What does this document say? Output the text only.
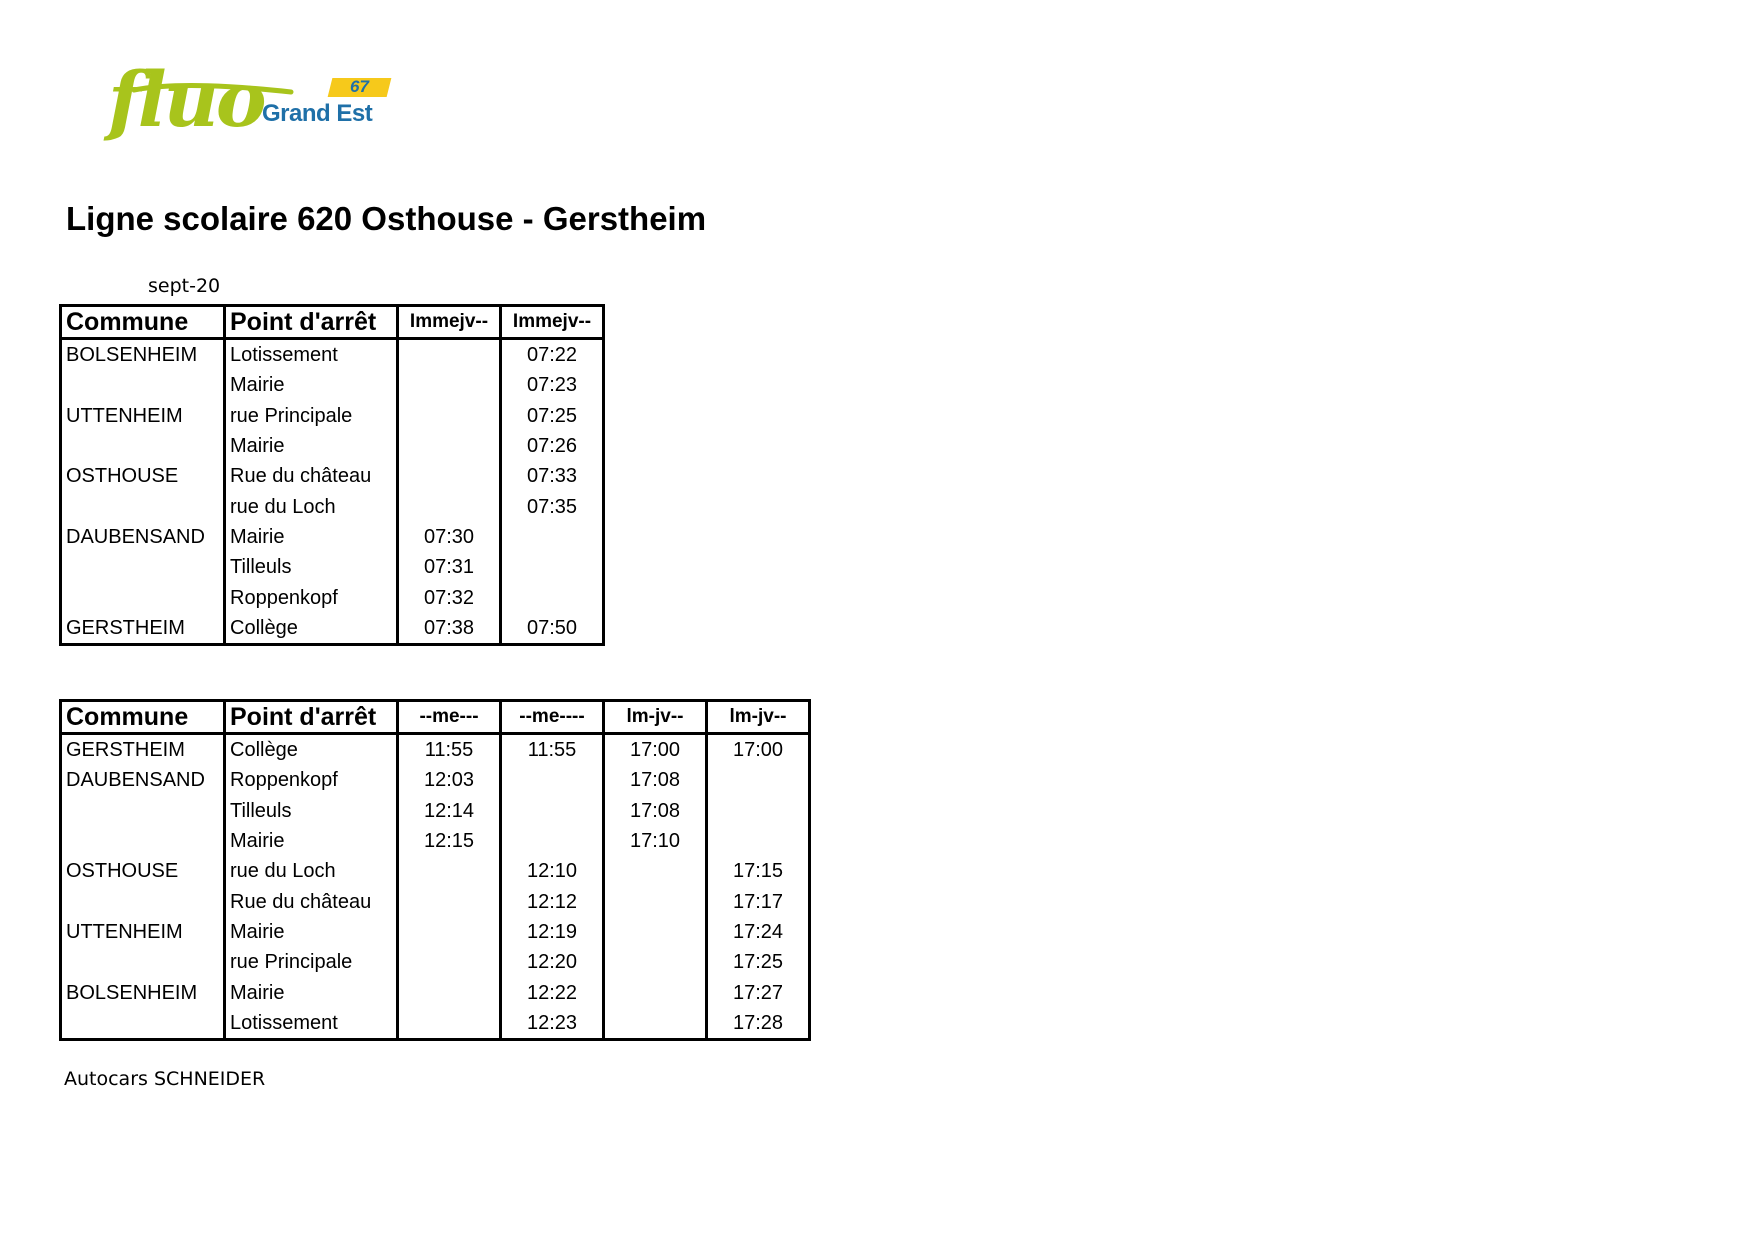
fluo
Grand Est
67
Ligne scolaire 620 Osthouse - Gerstheim
sept-20
Commune	Point d'arrêt	Immejv--	Immejv--
BOLSENHEIM	Lotissement		07:22
	Mairie		07:23
UTTENHEIM	rue Principale		07:25
	Mairie		07:26
OSTHOUSE	Rue du château		07:33
	rue du Loch		07:35
DAUBENSAND	Mairie	07:30	
	Tilleuls	07:31	
	Roppenkopf	07:32	
GERSTHEIM	Collège	07:38	07:50
Commune	Point d'arrêt	--me---	--me----	lm-jv--	lm-jv--
GERSTHEIM	Collège	11:55	11:55	17:00	17:00
DAUBENSAND	Roppenkopf	12:03		17:08	
	Tilleuls	12:14		17:08	
	Mairie	12:15		17:10	
OSTHOUSE	rue du Loch		12:10		17:15
	Rue du château		12:12		17:17
UTTENHEIM	Mairie		12:19		17:24
	rue Principale		12:20		17:25
BOLSENHEIM	Mairie		12:22		17:27
	Lotissement		12:23		17:28
Autocars SCHNEIDER
